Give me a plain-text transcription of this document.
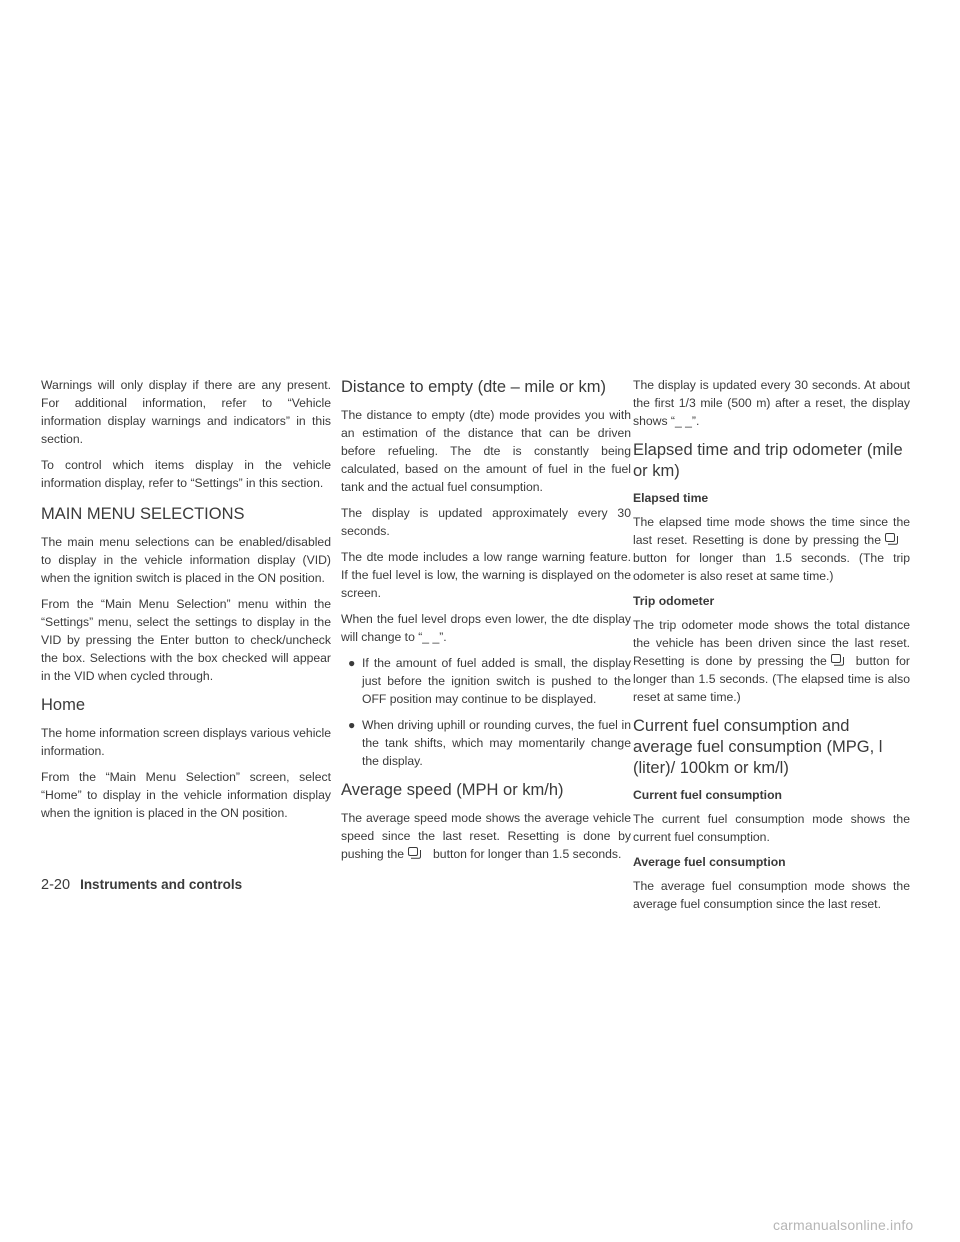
Warnings will only display if there are any present. For additional information, refer to “Vehicle information display warnings and indicators” in this section.

To control which items display in the vehicle information display, refer to “Settings” in this section.

MAIN MENU SELECTIONS

The main menu selections can be enabled/disabled to display in the vehicle information display (VID) when the ignition switch is placed in the ON position.

From the “Main Menu Selection” menu within the “Settings” menu, select the settings to display in the VID by pressing the Enter button to check/uncheck the box. Selections with the box checked will appear in the VID when cycled through.

Home

The home information screen displays various vehicle information.

From the “Main Menu Selection” screen, select “Home” to display in the vehicle information display when the ignition is placed in the ON position.

Distance to empty (dte – mile or km)

The distance to empty (dte) mode provides you with an estimation of the distance that can be driven before refueling. The dte is constantly being calculated, based on the amount of fuel in the fuel tank and the actual fuel consumption.

The display is updated approximately every 30 seconds.

The dte mode includes a low range warning feature. If the fuel level is low, the warning is displayed on the screen.

When the fuel level drops even lower, the dte display will change to “_ _”.

● If the amount of fuel added is small, the display just before the ignition switch is pushed to the OFF position may continue to be displayed.
● When driving uphill or rounding curves, the fuel in the tank shifts, which may momentarily change the display.
Average speed (MPH or km/h)

The average speed mode shows the average vehicle speed since the last reset. Resetting is done by pushing the button for longer than 1.5 seconds.

The display is updated every 30 seconds. At about the first 1/3 mile (500 m) after a reset, the display shows “_ _”.

Elapsed time and trip odometer (mile or km)
Elapsed time

The elapsed time mode shows the time since the last reset. Resetting is done by pressing thebutton for longer than 1.5 seconds. (The trip odometer is also reset at same time.)

Trip odometer

The trip odometer mode shows the total distance the vehicle has been driven since the last reset. Resetting is done by pressing the button for longer than 1.5 seconds. (The elapsed time is also reset at same time.)

Current fuel consumption and average fuel consumption (MPG, l (liter)/ 100km or km/l)
Current fuel consumption

The current fuel consumption mode shows the current fuel consumption.

Average fuel consumption

The average fuel consumption mode shows the average fuel consumption since the last reset.

2-20 Instruments and controls
carmanualsonline.info
